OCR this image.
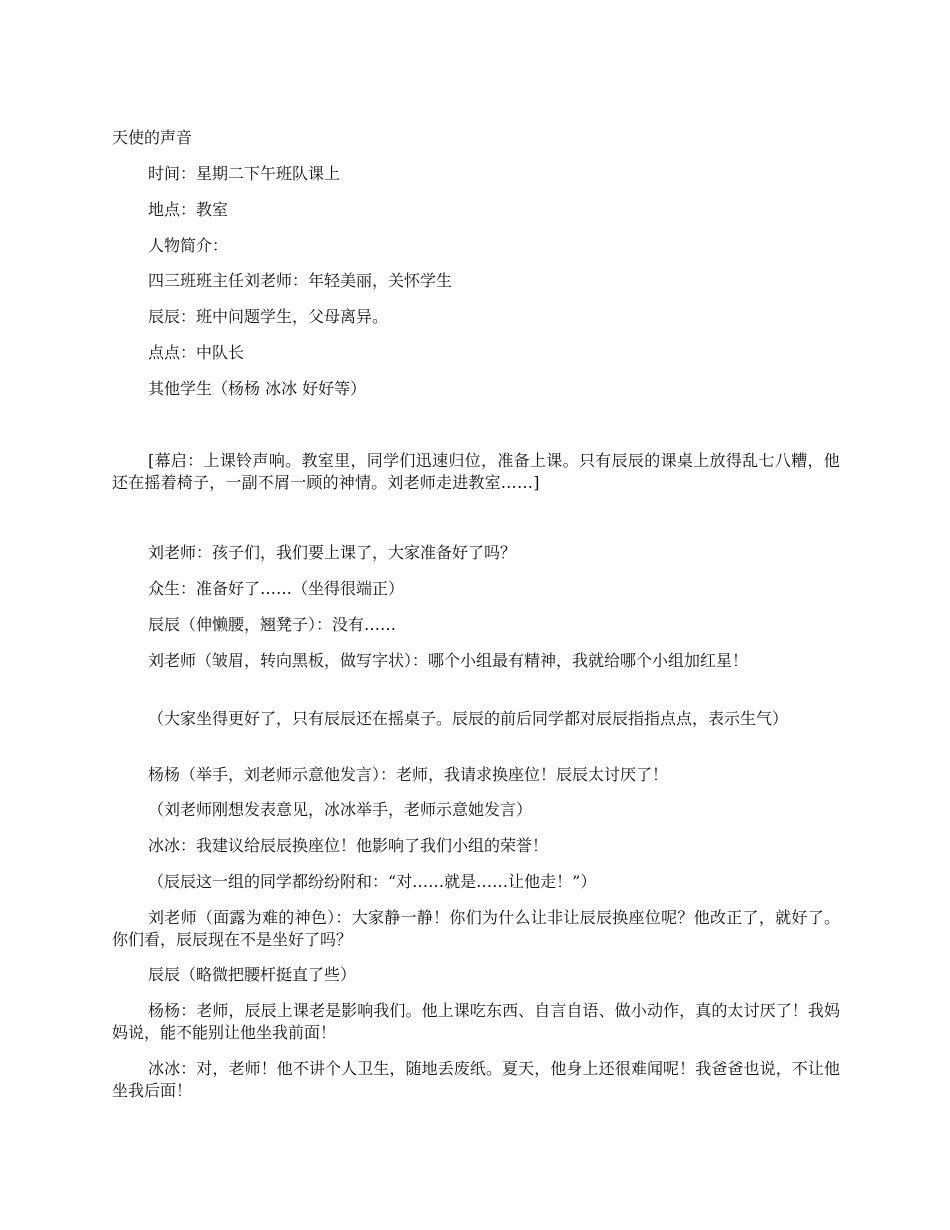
天使的声音
时间：星期二下午班队课上
地点：教室
人物简介：
四三班班主任刘老师：年轻美丽，关怀学生
辰辰：班中问题学生，父母离异。
点点：中队长
其他学生（杨杨 冰冰 好好等）
[幕启：上课铃声响。教室里，同学们迅速归位，准备上课。只有辰辰的课桌上放得乱七八糟，他还在摇着椅子，一副不屑一顾的神情。刘老师走进教室……]
刘老师：孩子们，我们要上课了，大家准备好了吗？
众生：准备好了……（坐得很端正）
辰辰（伸懒腰，翘凳子）：没有……
刘老师（皱眉，转向黑板，做写字状）：哪个小组最有精神，我就给哪个小组加红星！
（大家坐得更好了，只有辰辰还在摇桌子。辰辰的前后同学都对辰辰指指点点，表示生气）
杨杨（举手，刘老师示意他发言）：老师，我请求换座位！辰辰太讨厌了！
（刘老师刚想发表意见，冰冰举手，老师示意她发言）
冰冰：我建议给辰辰换座位！他影响了我们小组的荣誉！
（辰辰这一组的同学都纷纷附和：“对……就是……让他走！”）
刘老师（面露为难的神色）：大家静一静！你们为什么让非让辰辰换座位呢？他改正了，就好了。你们看，辰辰现在不是坐好了吗？
辰辰（略微把腰杆挺直了些）
杨杨：老师，辰辰上课老是影响我们。他上课吃东西、自言自语、做小动作，真的太讨厌了！我妈妈说，能不能别让他坐我前面！
冰冰：对，老师！他不讲个人卫生，随地丢废纸。夏天，他身上还很难闻呢！我爸爸也说，不让他坐我后面！
